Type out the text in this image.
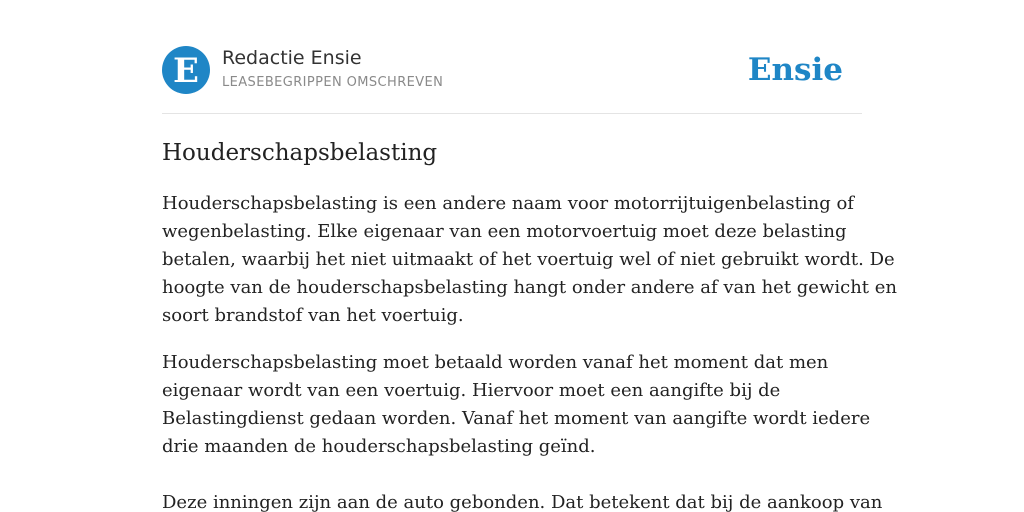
E Redactie Ensie
LEASEBEGRIPPEN OMSCHREVEN	Ensie
Houderschapsbelasting

Houderschapsbelasting is een andere naam voor motorrijtuigenbelasting of
wegenbelasting. Elke eigenaar van een motorvoertuig moet deze belasting
betalen, waarbij het niet uitmaakt of het voertuig wel of niet gebruikt wordt. De
hoogte van de houderschapsbelasting hangt onder andere af van het gewicht en
soort brandstof van het voertuig.

Houderschapsbelasting moet betaald worden vanaf het moment dat men
eigenaar wordt van een voertuig. Hiervoor moet een aangifte bij de
Belastingdienst gedaan worden. Vanaf het moment van aangifte wordt iedere
drie maanden de houderschapsbelasting geïnd.

Deze inningen zijn aan de auto gebonden. Dat betekent dat bij de aankoop van
